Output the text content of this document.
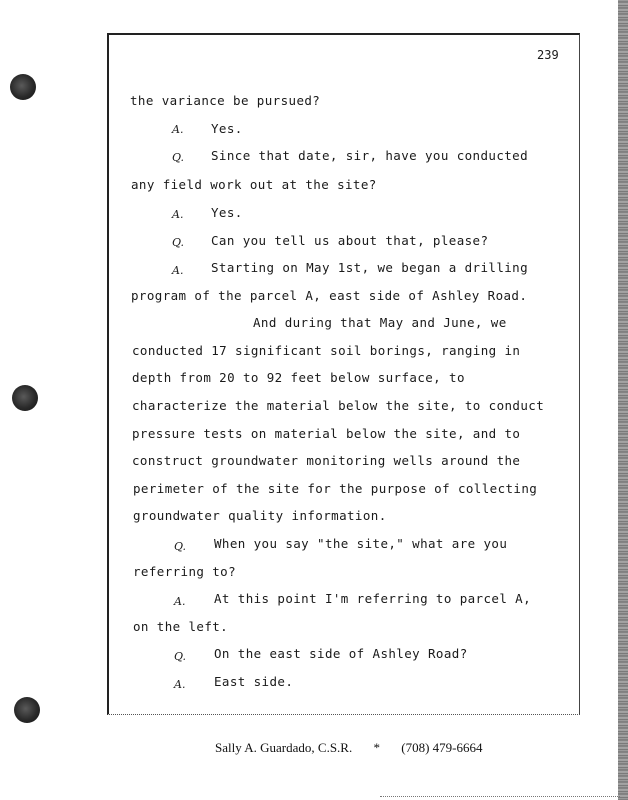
239
the variance be pursued?
A. Yes.
Q. Since that date, sir, have you conducted
any field work out at the site?
A. Yes.
Q. Can you tell us about that, please?
A. Starting on May 1st, we began a drilling
program of the parcel A, east side of Ashley Road.
And during that May and June, we
conducted 17 significant soil borings, ranging in
depth from 20 to 92 feet below surface, to
characterize the material below the site, to conduct
pressure tests on material below the site, and to
construct groundwater monitoring wells around the
perimeter of the site for the purpose of collecting
groundwater quality information.
Q. When you say "the site," what are you
referring to?
A. At this point I'm referring to parcel A,
on the left.
Q. On the east side of Ashley Road?
A. East side.
Sally A. Guardado, C.S.R. * (708) 479-6664
